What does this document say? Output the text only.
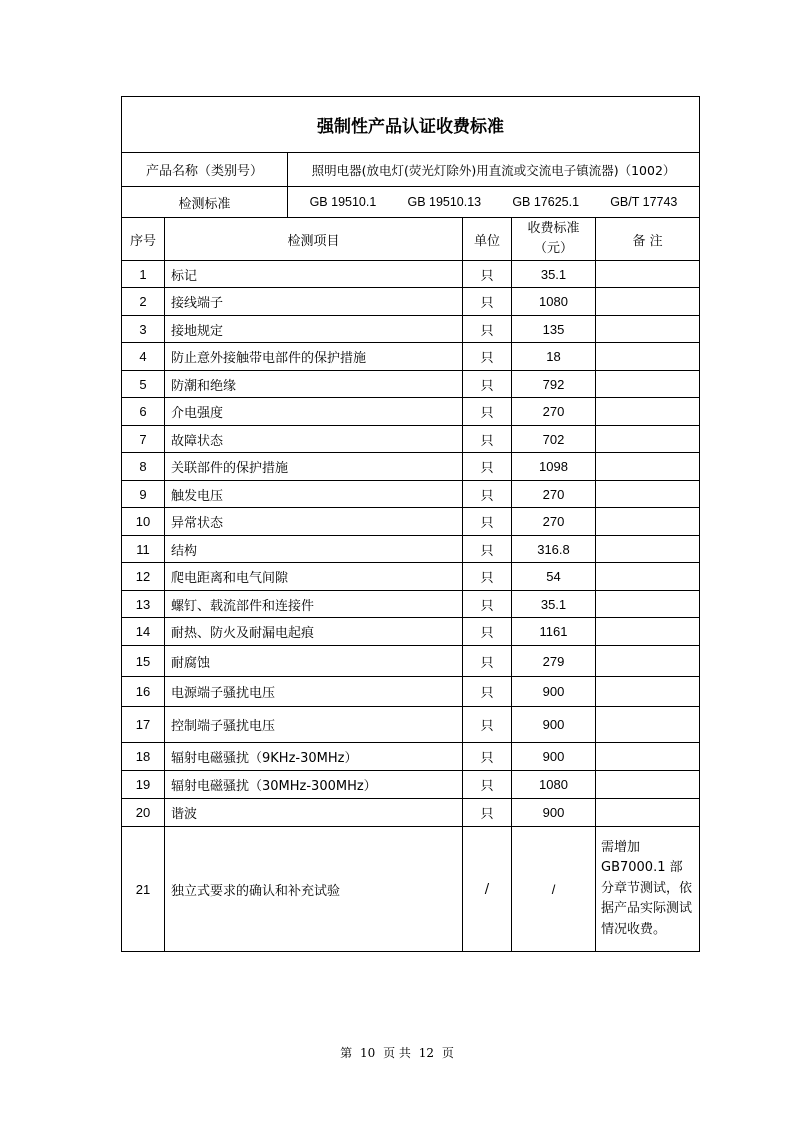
强制性产品认证收费标准					
产品名称（类别号）		照明电器(放电灯(荧光灯除外)用直流或交流电子镇流器)（1002）			
检测标准		GB 19510.1 GB 19510.13 GB 17625.1 GB/T 17743			

序号	检测项目		单位	收费标准（元）	备 注
1	标记		只	35.1	
2	接线端子		只	1080	
3	接地规定		只	135	
4	防止意外接触带电部件的保护措施		只	18	
5	防潮和绝缘		只	792	
6	介电强度		只	270	
7	故障状态		只	702	
8	关联部件的保护措施		只	1098	
9	触发电压		只	270	
10	异常状态		只	270	
11	结构		只	316.8	
12	爬电距离和电气间隙		只	54	
13	螺钉、载流部件和连接件		只	35.1	
14	耐热、防火及耐漏电起痕		只	1161	
15	耐腐蚀		只	279	
16	电源端子骚扰电压		只	900	
17	控制端子骚扰电压		只	900	
18	辐射电磁骚扰（9KHz-30MHz）		只	900	
19	辐射电磁骚扰（30MHz-300MHz）		只	1080	
20	谐波		只	900	
21	独立式要求的确认和补充试验		/	/	需增加GB7000.1 部分章节测试，依据产品实际测试情况收费。
第 10 页 共 12 页
